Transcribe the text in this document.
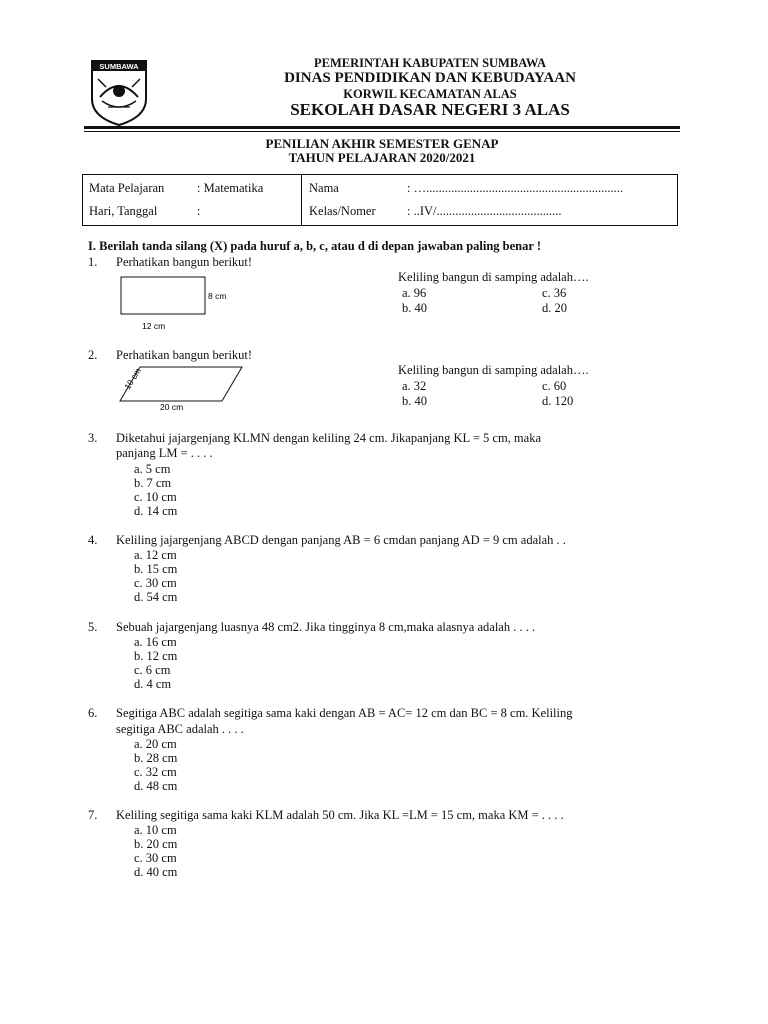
SUMBAWA	PEMERINTAH KABUPATEN SUMBAWA
DINAS PENDIDIKAN DAN KEBUDAYAAN
KORWIL KECAMATAN ALAS
SEKOLAH DASAR NEGERI 3 ALAS
PENILIAN AKHIR SEMESTER GENAP
TAHUN PELAJARAN 2020/2021
Mata Pelajaran	: Matematika
Hari, Tanggal	:
Nama	: …...............................................................
Kelas/Nomer	: ..IV/........................................
I. Berilah tanda silang (X) pada huruf a, b, c, atau d di depan jawaban paling benar !
1. Perhatikan bangun berikut!
8 cm
12 cm
Keliling bangun di samping adalah….
a. 96	c. 36
b. 40	d. 20
2. Perhatikan bangun berikut!
10 cm
20 cm
Keliling bangun di samping adalah….
a. 32	c. 60
b. 40	d. 120
3. Diketahui jajargenjang KLMN dengan keliling 24 cm. Jikapanjang KL = 5 cm, maka
panjang LM = . . . .
a. 5 cm
b. 7 cm
c. 10 cm
d. 14 cm
4. Keliling jajargenjang ABCD dengan panjang AB = 6 cmdan panjang AD = 9 cm adalah . .
a. 12 cm
b. 15 cm
c. 30 cm
d. 54 cm
5. Sebuah jajargenjang luasnya 48 cm2. Jika tingginya 8 cm,maka alasnya adalah . . . .
a. 16 cm
b. 12 cm
c. 6 cm
d. 4 cm
6. Segitiga ABC adalah segitiga sama kaki dengan AB = AC= 12 cm dan BC = 8 cm. Keliling
segitiga ABC adalah . . . .
a. 20 cm
b. 28 cm
c. 32 cm
d. 48 cm
7. Keliling segitiga sama kaki KLM adalah 50 cm. Jika KL =LM = 15 cm, maka KM = . . . .
a. 10 cm
b. 20 cm
c. 30 cm
d. 40 cm
